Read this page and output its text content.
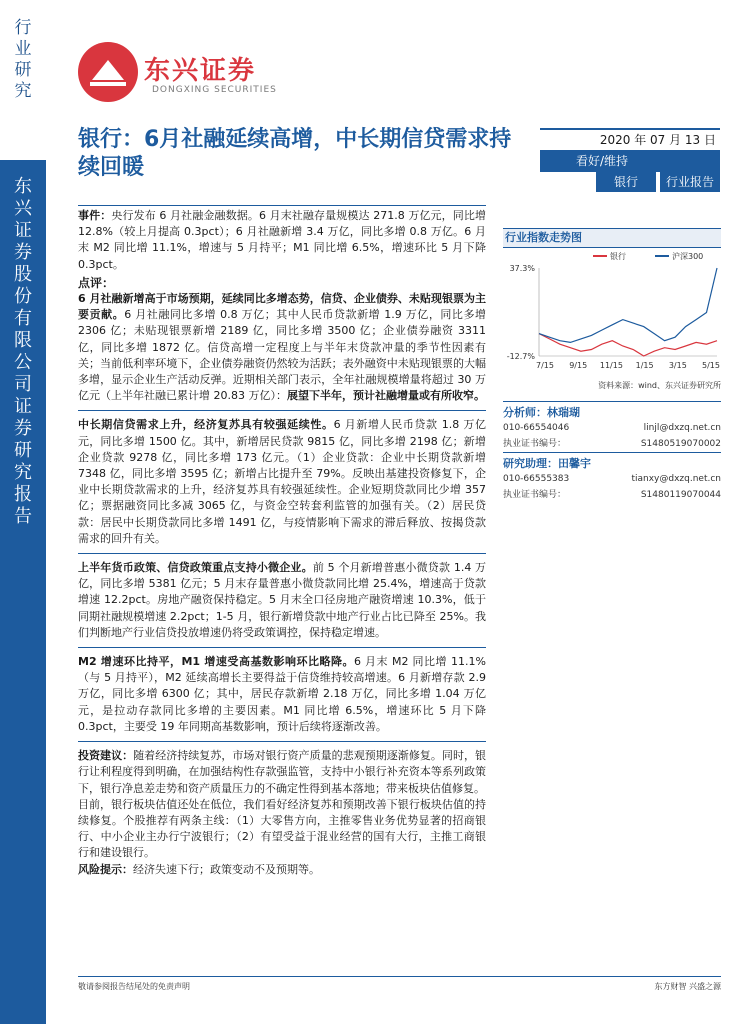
行业研究
东兴证券股份有限公司证券研究报告
东兴证券
DONGXING SECURITIES
银行：6月社融延续高增，中长期信贷需求持续回暖
2020 年 07 月 13 日
看好/维持
银行	行业报告

事件：央行发布 6 月社融金融数据。6 月末社融存量规模达 271.8 万亿元，同比增 12.8%（较上月提高 0.3pct）；6 月社融新增 3.4 万亿，同比多增 0.8 万亿。6 月末 M2 同比增 11.1%，增速与 5 月持平；M1 同比增 6.5%，增速环比 5 月下降 0.3pct。

点评：

6 月社融新增高于市场预期，延续同比多增态势，信贷、企业债券、未贴现银票为主要贡献。6 月社融同比多增 0.8 万亿；其中人民币贷款新增 1.9 万亿，同比多增 2306 亿；未贴现银票新增 2189 亿，同比多增 3500 亿；企业债券融资 3311 亿，同比多增 1872 亿。信贷高增一定程度上与半年末贷款冲量的季节性因素有关；当前低利率环境下，企业债券融资仍然较为活跃；表外融资中未贴现银票的大幅多增，显示企业生产活动反弹。近期相关部门表示，全年社融规模增量将超过 30 万亿元（上半年社融已累计增 20.83 万亿）：展望下半年，预计社融增量或有所收窄。

中长期信贷需求上升，经济复苏具有较强延续性。6 月新增人民币贷款 1.8 万亿元，同比多增 1500 亿。其中，新增居民贷款 9815 亿，同比多增 2198 亿；新增企业贷款 9278 亿，同比多增 173 亿元。（1）企业贷款：企业中长期贷款新增 7348 亿，同比多增 3595 亿；新增占比提升至 79%。反映出基建投资修复下，企业中长期贷款需求的上升，经济复苏具有较强延续性。企业短期贷款同比少增 357 亿；票据融资同比多减 3065 亿，与资金空转套利监管的加强有关。（2）居民贷款：居民中长期贷款同比多增 1491 亿，与疫情影响下需求的滞后释放、按揭贷款需求的回升有关。

上半年货币政策、信贷政策重点支持小微企业。前 5 个月新增普惠小微贷款 1.4 万亿，同比多增 5381 亿元；5 月末存量普惠小微贷款同比增 25.4%，增速高于贷款增速 12.2pct。房地产融资保持稳定。5 月末全口径房地产融资增速 10.3%，低于同期社融规模增速 2.2pct；1-5 月，银行新增贷款中地产行业占比已降至 25%。我们判断地产行业信贷投放增速仍将受政策调控，保持稳定增速。

M2 增速环比持平，M1 增速受高基数影响环比略降。6 月末 M2 同比增 11.1%（与 5 月持平），M2 延续高增长主要得益于信贷维持较高增速。6 月新增存款 2.9 万亿，同比多增 6300 亿；其中，居民存款新增 2.18 万亿，同比多增 1.04 万亿元，是拉动存款同比多增的主要因素。M1 同比增 6.5%，增速环比 5 月下降 0.3pct，主要受 19 年同期高基数影响，预计后续将逐渐改善。

投资建议：随着经济持续复苏，市场对银行资产质量的悲观预期逐渐修复。同时，银行让利程度得到明确，在加强结构性存款强监管，支持中小银行补充资本等系列政策下，银行净息差走势和资产质量压力的不确定性得到基本落地；带来板块估值修复。

目前，银行板块估值还处在低位，我们看好经济复苏和预期改善下银行板块估值的持续修复。个股推荐有两条主线：（1）大零售方向，主推零售业务优势显著的招商银行、中小企业主办行宁波银行；（2）有望受益于混业经营的国有大行，主推工商银行和建设银行。

风险提示：经济失速下行；政策变动不及预期等。

行业指数走势图
37.3%
-12.7%
7/15 9/15 11/15 1/15 3/15 5/15
银行	沪深300
资料来源：wind、东兴证券研究所
分析师：林瑞瑚
010-66554046	linjl@dxzq.net.cn
执业证书编号：	S1480519070002
研究助理：田馨宇
010-66555383	tianxy@dxzq.net.cn
执业证书编号：	S1480119070044
敬请参阅报告结尾处的免责声明	东方财智 兴盛之源
